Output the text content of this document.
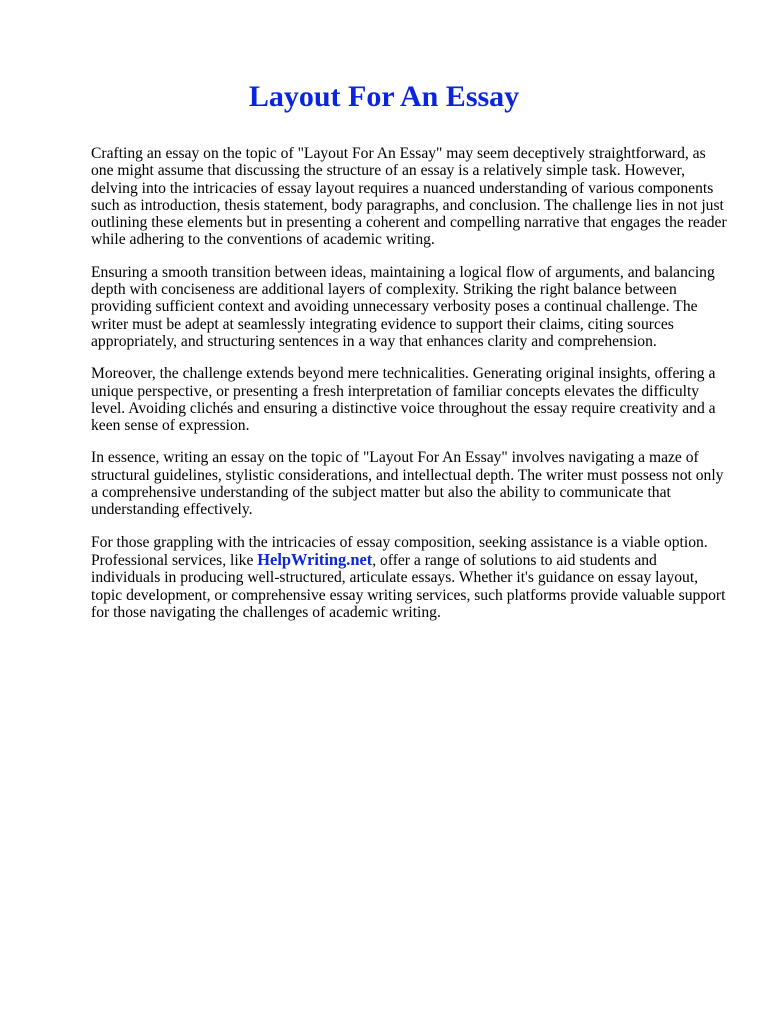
Layout For An Essay

Crafting an essay on the topic of "Layout For An Essay" may seem deceptively straightforward, as one might assume that discussing the structure of an essay is a relatively simple task. However, delving into the intricacies of essay layout requires a nuanced understanding of various components such as introduction, thesis statement, body paragraphs, and conclusion. The challenge lies in not just outlining these elements but in presenting a coherent and compelling narrative that engages the reader while adhering to the conventions of academic writing.

Ensuring a smooth transition between ideas, maintaining a logical flow of arguments, and balancing depth with conciseness are additional layers of complexity. Striking the right balance between providing sufficient context and avoiding unnecessary verbosity poses a continual challenge. The writer must be adept at seamlessly integrating evidence to support their claims, citing sources appropriately, and structuring sentences in a way that enhances clarity and comprehension.

Moreover, the challenge extends beyond mere technicalities. Generating original insights, offering a unique perspective, or presenting a fresh interpretation of familiar concepts elevates the difficulty level. Avoiding clichés and ensuring a distinctive voice throughout the essay require creativity and a keen sense of expression.

In essence, writing an essay on the topic of "Layout For An Essay" involves navigating a maze of structural guidelines, stylistic considerations, and intellectual depth. The writer must possess not only a comprehensive understanding of the subject matter but also the ability to communicate that understanding effectively.

For those grappling with the intricacies of essay composition, seeking assistance is a viable option. Professional services, like HelpWriting.net, offer a range of solutions to aid students and individuals in producing well-structured, articulate essays. Whether it's guidance on essay layout, topic development, or comprehensive essay writing services, such platforms provide valuable support for those navigating the challenges of academic writing.
